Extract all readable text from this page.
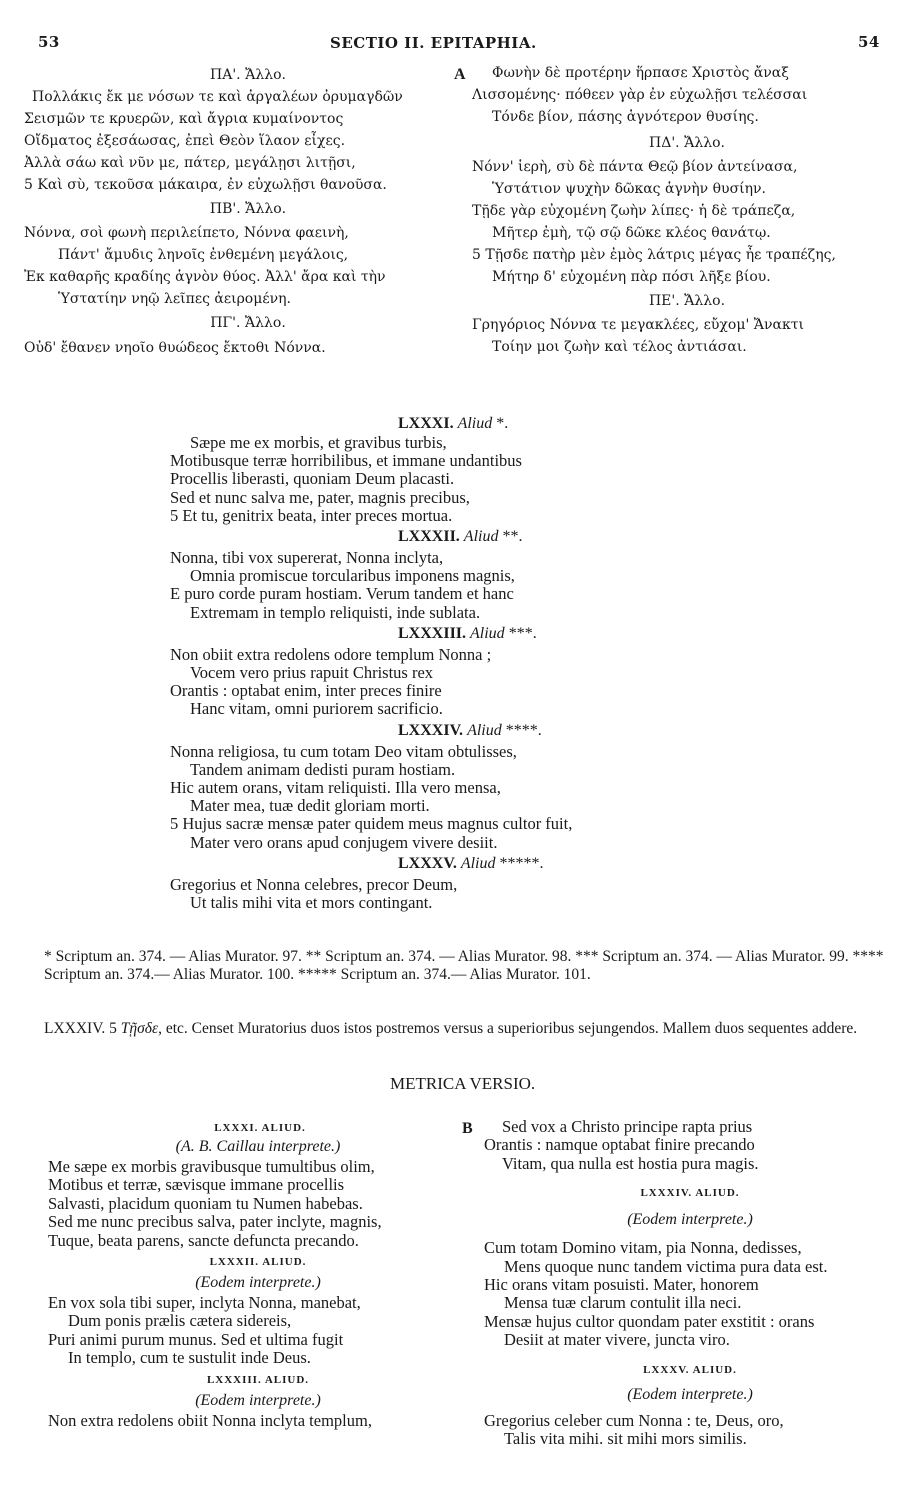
53	SECTIO II. EPITAPHIA.	54
ΠΑ'. Ἄλλο.
Πολλάκις ἔκ με νόσων τε καὶ ἀργαλέων ὀρυμαγδῶν
Σεισμῶν τε κρυερῶν, καὶ ἄγρια κυμαίνοντος
Οἴδματος ἐξεσάωσας, ἐπεὶ Θεὸν ἵλαον εἶχες.
Ἀλλὰ σάω καὶ νῦν με, πάτερ, μεγάλῃσι λιτῇσι,
5 Καὶ σὺ, τεκοῦσα μάκαιρα, ἐν εὐχωλῇσι θανοῦσα.
ΠΒ'. Ἄλλο.
Νόννα, σοὶ φωνὴ περιλείπετο, Νόννα φαεινὴ,
Πάντ' ἄμυδις ληνοῖς ἐνθεμένη μεγάλοις,
Ἐκ καθαρῆς κραδίης ἁγνὸν θύος. Ἀλλ' ἄρα καὶ τὴν
Ὑστατίην νηῷ λεῖπες ἀειρομένη.
ΠΓ'. Ἄλλο.
Οὐδ' ἔθανεν νηοῖο θυώδεος ἔκτοθι Νόννα.
A	Φωνὴν δὲ προτέρην ἥρπασε Χριστὸς ἄναξ
Λισσομένης· πόθεεν γὰρ ἐν εὐχωλῇσι τελέσσαι
Τόνδε βίον, πάσης ἁγνότερον θυσίης.
ΠΔ'. Ἄλλο.
Νόνν' ἱερὴ, σὺ δὲ πάντα Θεῷ βίον ἀντείνασα,
Ὑστάτιον ψυχὴν δῶκας ἁγνὴν θυσίην.
Τῇδε γὰρ εὐχομένη ζωὴν λίπες· ἡ δὲ τράπεζα,
Μῆτερ ἐμὴ, τῷ σῷ δῶκε κλέος θανάτῳ.
5 Τῇσδε πατὴρ μὲν ἐμὸς λάτρις μέγας ἦε τραπέζης,
Μήτηρ δ' εὐχομένη πὰρ πόσι λῆξε βίου.
ΠΕ'. Ἄλλο.
Γρηγόριος Νόννα τε μεγακλέες, εὔχομ' Ἄνακτι
Τοίην μοι ζωὴν καὶ τέλος ἀντιάσαι.
LXXXI. Aliud *.
Sæpe me ex morbis, et gravibus turbis,
Motibusque terræ horribilibus, et immane undantibus
Procellis liberasti, quoniam Deum placasti.
Sed et nunc salva me, pater, magnis precibus,
5 Et tu, genitrix beata, inter preces mortua.
LXXXII. Aliud **.
Nonna, tibi vox supererat, Nonna inclyta,
Omnia promiscue torcularibus imponens magnis,
E puro corde puram hostiam. Verum tandem et hanc
Extremam in templo reliquisti, inde sublata.
LXXXIII. Aliud ***.
Non obiit extra redolens odore templum Nonna ;
Vocem vero prius rapuit Christus rex
Orantis : optabat enim, inter preces finire
Hanc vitam, omni puriorem sacrificio.
LXXXIV. Aliud ****.
Nonna religiosa, tu cum totam Deo vitam obtulisses,
Tandem animam dedisti puram hostiam.
Hic autem orans, vitam reliquisti. Illa vero mensa,
Mater mea, tuæ dedit gloriam morti.
5 Hujus sacræ mensæ pater quidem meus magnus cultor fuit,
Mater vero orans apud conjugem vivere desiit.
LXXXV. Aliud *****.
Gregorius et Nonna celebres, precor Deum,
Ut talis mihi vita et mors contingant.
* Scriptum an. 374. — Alias Murator. 97. ** Scriptum an. 374. — Alias Murator. 98. *** Scriptum an. 374. — Alias Murator. 99. **** Scriptum an. 374.— Alias Murator. 100. ***** Scriptum an. 374.— Alias Murator. 101.
LXXXIV. 5 Τῇσδε, etc. Censet Muratorius duos istos postremos versus a superioribus sejungendos. Mallem duos sequentes addere.
METRICA VERSIO.
LXXXI. ALIUD.
(A. B. Caillau interprete.)
Me sæpe ex morbis gravibusque tumultibus olim,
Motibus et terræ, sævisque immane procellis
Salvasti, placidum quoniam tu Numen habebas.
Sed me nunc precibus salva, pater inclyte, magnis,
Tuque, beata parens, sancte defuncta precando.
LXXXII. ALIUD.
(Eodem interprete.)
En vox sola tibi super, inclyta Nonna, manebat,
Dum ponis prælis cætera sidereis,
Puri animi purum munus. Sed et ultima fugit
In templo, cum te sustulit inde Deus.
LXXXIII. ALIUD.
(Eodem interprete.)
Non extra redolens obiit Nonna inclyta templum,
B	Sed vox a Christo principe rapta prius
Orantis : namque optabat finire precando
Vitam, qua nulla est hostia pura magis.
LXXXIV. ALIUD.
(Eodem interprete.)
Cum totam Domino vitam, pia Nonna, dedisses,
Mens quoque nunc tandem victima pura data est.
Hic orans vitam posuisti. Mater, honorem
Mensa tuæ clarum contulit illa neci.
Mensæ hujus cultor quondam pater exstitit : orans
Desiit at mater vivere, juncta viro.
LXXXV. ALIUD.
(Eodem interprete.)
Gregorius celeber cum Nonna : te, Deus, oro,
Talis vita mihi. sit mihi mors similis.
